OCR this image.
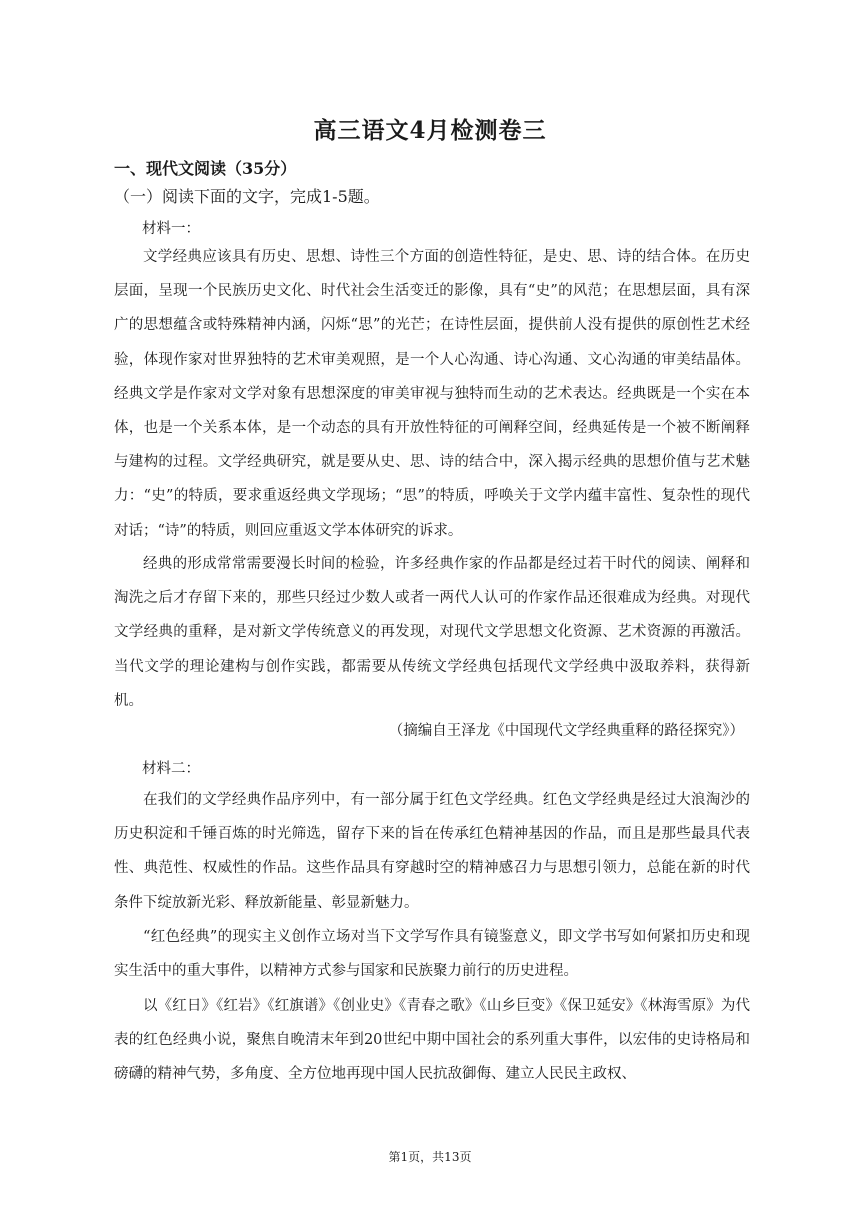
高三语文4月检测卷三
一、现代文阅读（35分）
（一）阅读下面的文字，完成1-5题。
材料一：

文学经典应该具有历史、思想、诗性三个方面的创造性特征，是史、思、诗的结合体。在历史层面，呈现一个民族历史文化、时代社会生活变迁的影像，具有“史”的风范；在思想层面，具有深广的思想蕴含或特殊精神内涵，闪烁“思”的光芒；在诗性层面，提供前人没有提供的原创性艺术经验，体现作家对世界独特的艺术审美观照，是一个人心沟通、诗心沟通、文心沟通的审美结晶体。经典文学是作家对文学对象有思想深度的审美审视与独特而生动的艺术表达。经典既是一个实在本体，也是一个关系本体，是一个动态的具有开放性特征的可阐释空间，经典延传是一个被不断阐释与建构的过程。文学经典研究，就是要从史、思、诗的结合中，深入揭示经典的思想价值与艺术魅力：“史”的特质，要求重返经典文学现场；“思”的特质，呼唤关于文学内蕴丰富性、复杂性的现代对话；“诗”的特质，则回应重返文学本体研究的诉求。

经典的形成常常需要漫长时间的检验，许多经典作家的作品都是经过若干时代的阅读、阐释和淘洗之后才存留下来的，那些只经过少数人或者一两代人认可的作家作品还很难成为经典。对现代文学经典的重释，是对新文学传统意义的再发现，对现代文学思想文化资源、艺术资源的再激活。当代文学的理论建构与创作实践，都需要从传统文学经典包括现代文学经典中汲取养料，获得新机。

（摘编自王泽龙《中国现代文学经典重释的路径探究》）
材料二：

在我们的文学经典作品序列中，有一部分属于红色文学经典。红色文学经典是经过大浪淘沙的历史积淀和千锤百炼的时光筛选，留存下来的旨在传承红色精神基因的作品，而且是那些最具代表性、典范性、权威性的作品。这些作品具有穿越时空的精神感召力与思想引领力，总能在新的时代条件下绽放新光彩、释放新能量、彰显新魅力。

“红色经典”的现实主义创作立场对当下文学写作具有镜鉴意义，即文学书写如何紧扣历史和现实生活中的重大事件，以精神方式参与国家和民族聚力前行的历史进程。

以《红日》《红岩》《红旗谱》《创业史》《青春之歌》《山乡巨变》《保卫延安》《林海雪原》为代表的红色经典小说，聚焦自晚清末年到20世纪中期中国社会的系列重大事件，以宏伟的史诗格局和磅礴的精神气势，多角度、全方位地再现中国人民抗敌御侮、建立人民民主政权、

第1页，共13页
